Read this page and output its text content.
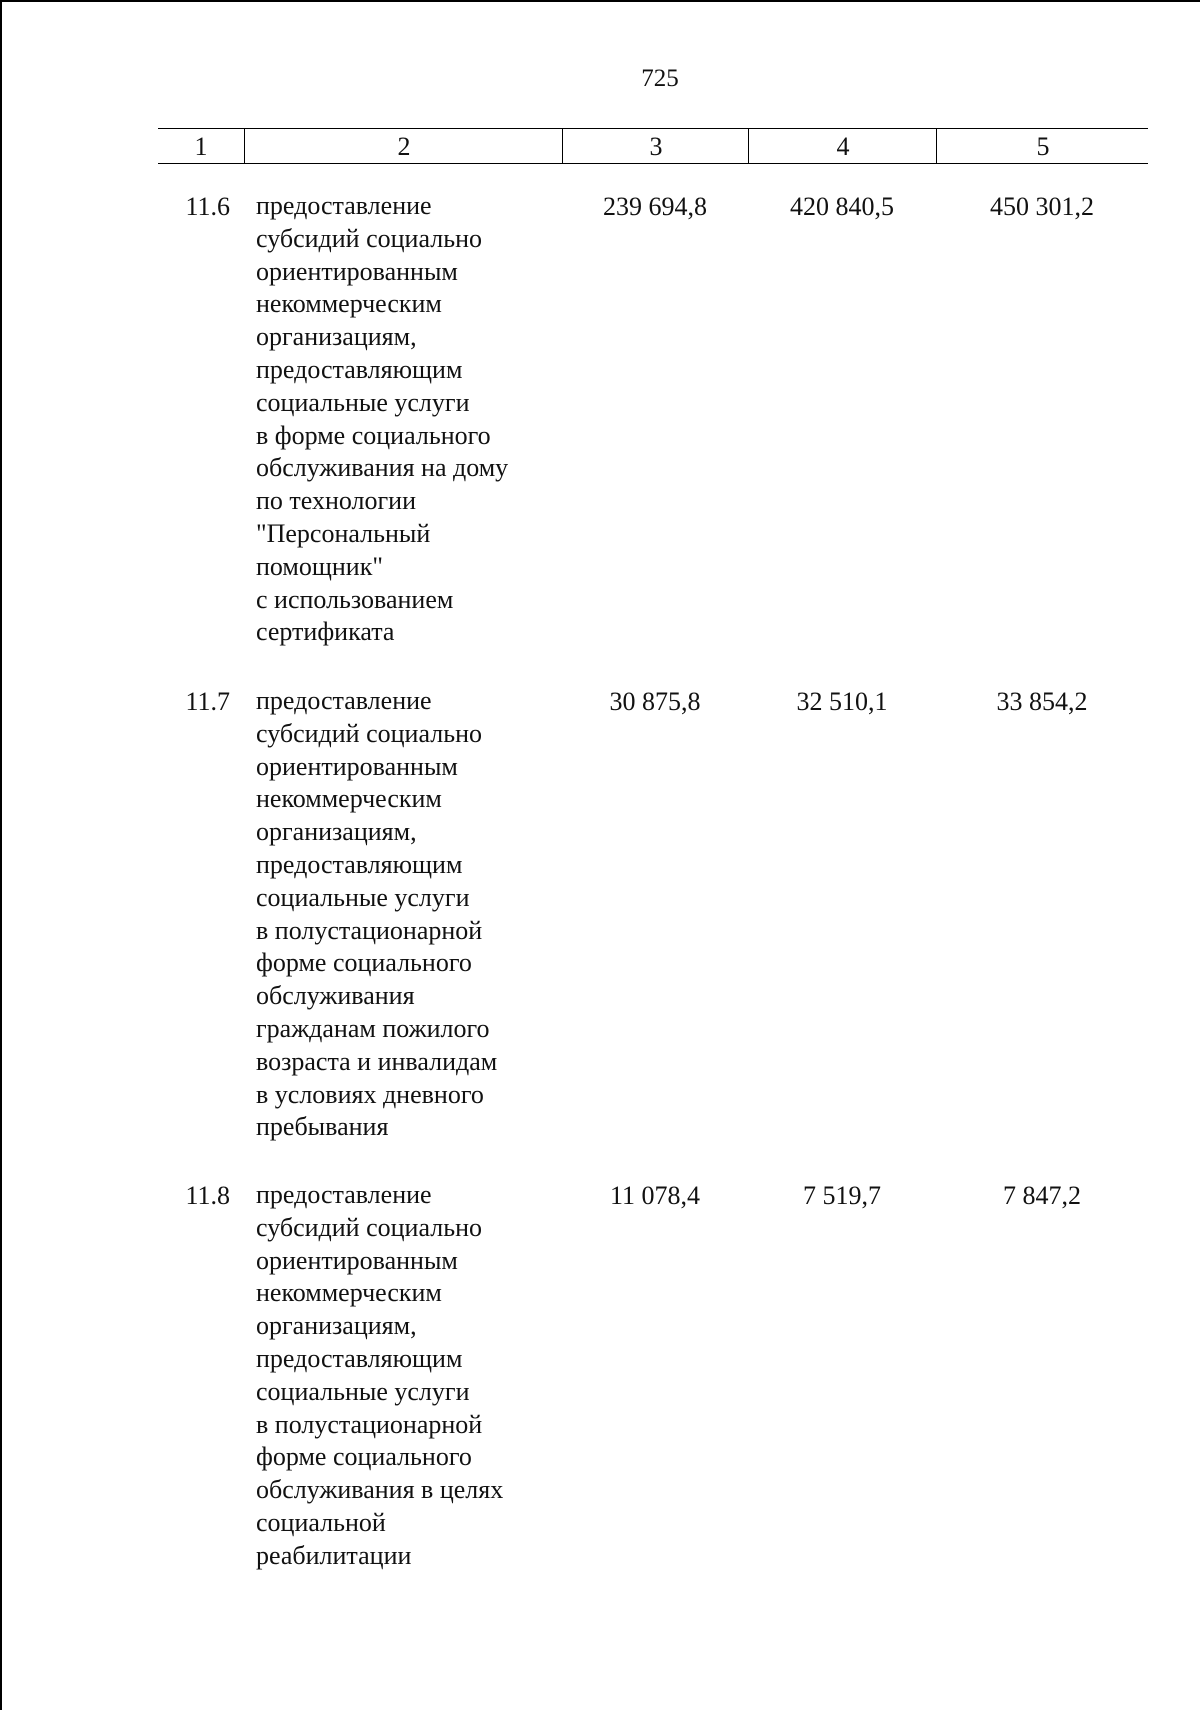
725
1	2	3	4	5
11.6 предоставление
субсидий социально
ориентированным
некоммерческим
организациям,
предоставляющим
социальные услуги
в форме социального
обслуживания на дому
по технологии
"Персональный
помощник"
с использованием
сертификата
239 694,8	420 840,5	450 301,2
11.7 предоставление
субсидий социально
ориентированным
некоммерческим
организациям,
предоставляющим
социальные услуги
в полустационарной
форме социального
обслуживания
гражданам пожилого
возраста и инвалидам
в условиях дневного
пребывания
30 875,8	32 510,1	33 854,2
11.8 предоставление
субсидий социально
ориентированным
некоммерческим
организациям,
предоставляющим
социальные услуги
в полустационарной
форме социального
обслуживания в целях
социальной
реабилитации
11 078,4	7 519,7	7 847,2
